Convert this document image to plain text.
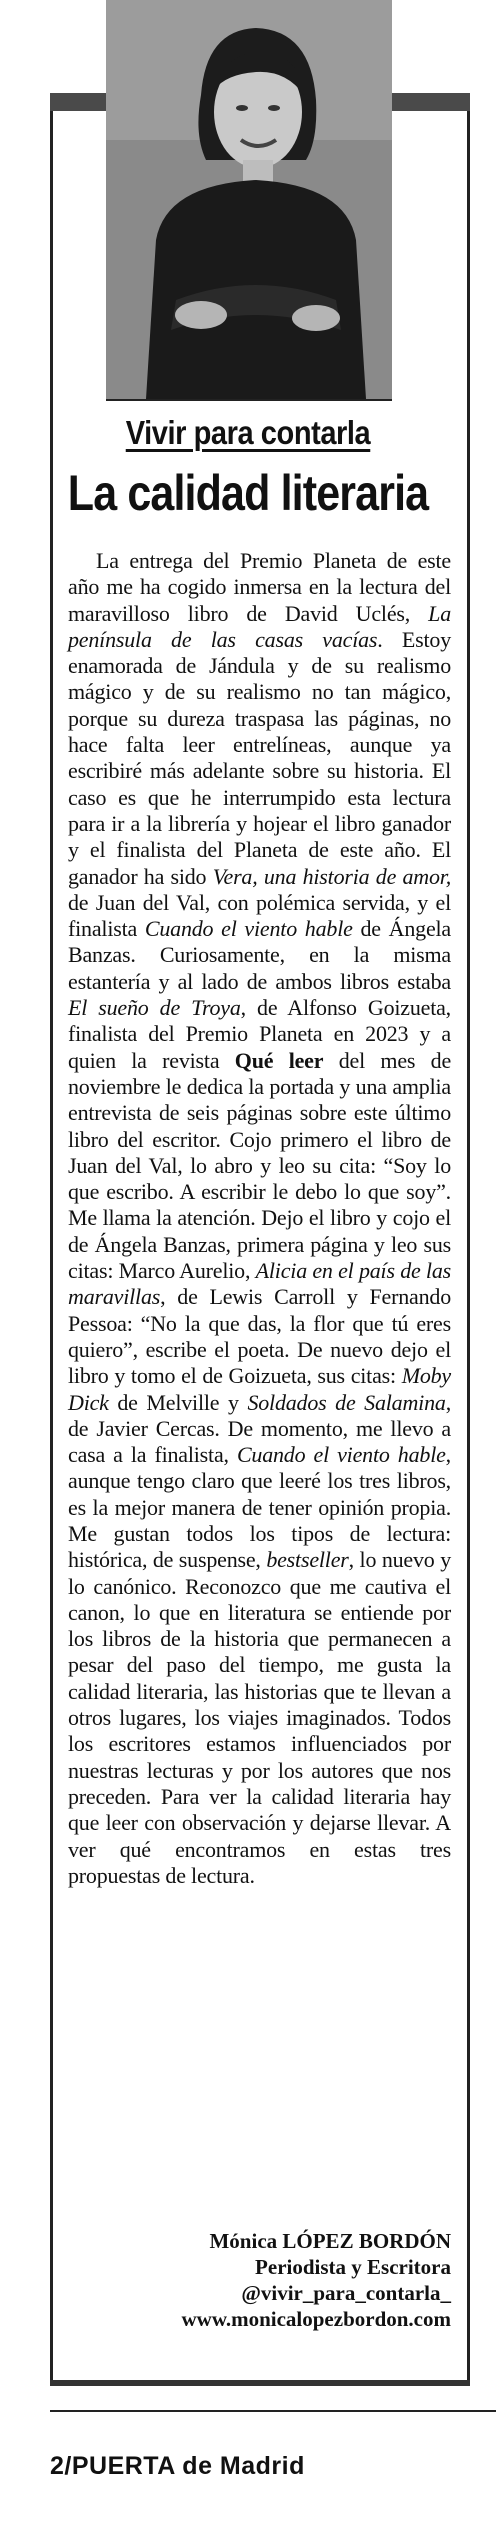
Vivir para contarla
La calidad literaria

La entrega del Premio Planeta de este año me ha cogido inmersa en la lectura del maravilloso libro de David Uclés, La península de las casas vacías. Estoy enamorada de Jándula y de su realismo mágico y de su realismo no tan mágico, porque su dureza traspasa las páginas, no hace falta leer entrelíneas, aunque ya escribiré más adelante sobre su historia. El caso es que he interrumpido esta lectura para ir a la librería y hojear el libro ganador y el finalista del Planeta de este año. El ganador ha sido Vera, una historia de amor, de Juan del Val, con polémica servida, y el finalista Cuando el viento hable de Ángela Banzas. Curiosamente, en la misma estantería y al lado de ambos libros estaba El sueño de Troya, de Alfonso Goizueta, finalista del Premio Planeta en 2023 y a quien la revista Qué leer del mes de noviembre le dedica la portada y una amplia entrevista de seis páginas sobre este último libro del escritor. Cojo primero el libro de Juan del Val, lo abro y leo su cita: “Soy lo que escribo. A escribir le debo lo que soy”. Me llama la atención. Dejo el libro y cojo el de Ángela Banzas, primera página y leo sus citas: Marco Aurelio, Alicia en el país de las maravillas, de Lewis Carroll y Fernando Pessoa: “No la que das, la flor que tú eres quiero”, escribe el poeta. De nuevo dejo el libro y tomo el de Goizueta, sus citas: Moby Dick de Melville y Soldados de Salamina, de Javier Cercas. De momento, me llevo a casa a la finalista, Cuando el viento hable, aunque tengo claro que leeré los tres libros, es la mejor manera de tener opinión propia. Me gustan todos los tipos de lectura: histórica, de suspense, bestseller, lo nuevo y lo canónico. Reconozco que me cautiva el canon, lo que en literatura se entiende por los libros de la historia que permanecen a pesar del paso del tiempo, me gusta la calidad literaria, las historias que te llevan a otros lugares, los viajes imaginados. Todos los escritores estamos influenciados por nuestras lecturas y por los autores que nos preceden. Para ver la calidad literaria hay que leer con observación y dejarse llevar. A ver qué encontramos en estas tres propuestas de lectura.

Mónica LÓPEZ BORDÓN
Periodista y Escritora
@vivir_para_contarla_
www.monicalopezbordon.com
2/PUERTA de Madrid
